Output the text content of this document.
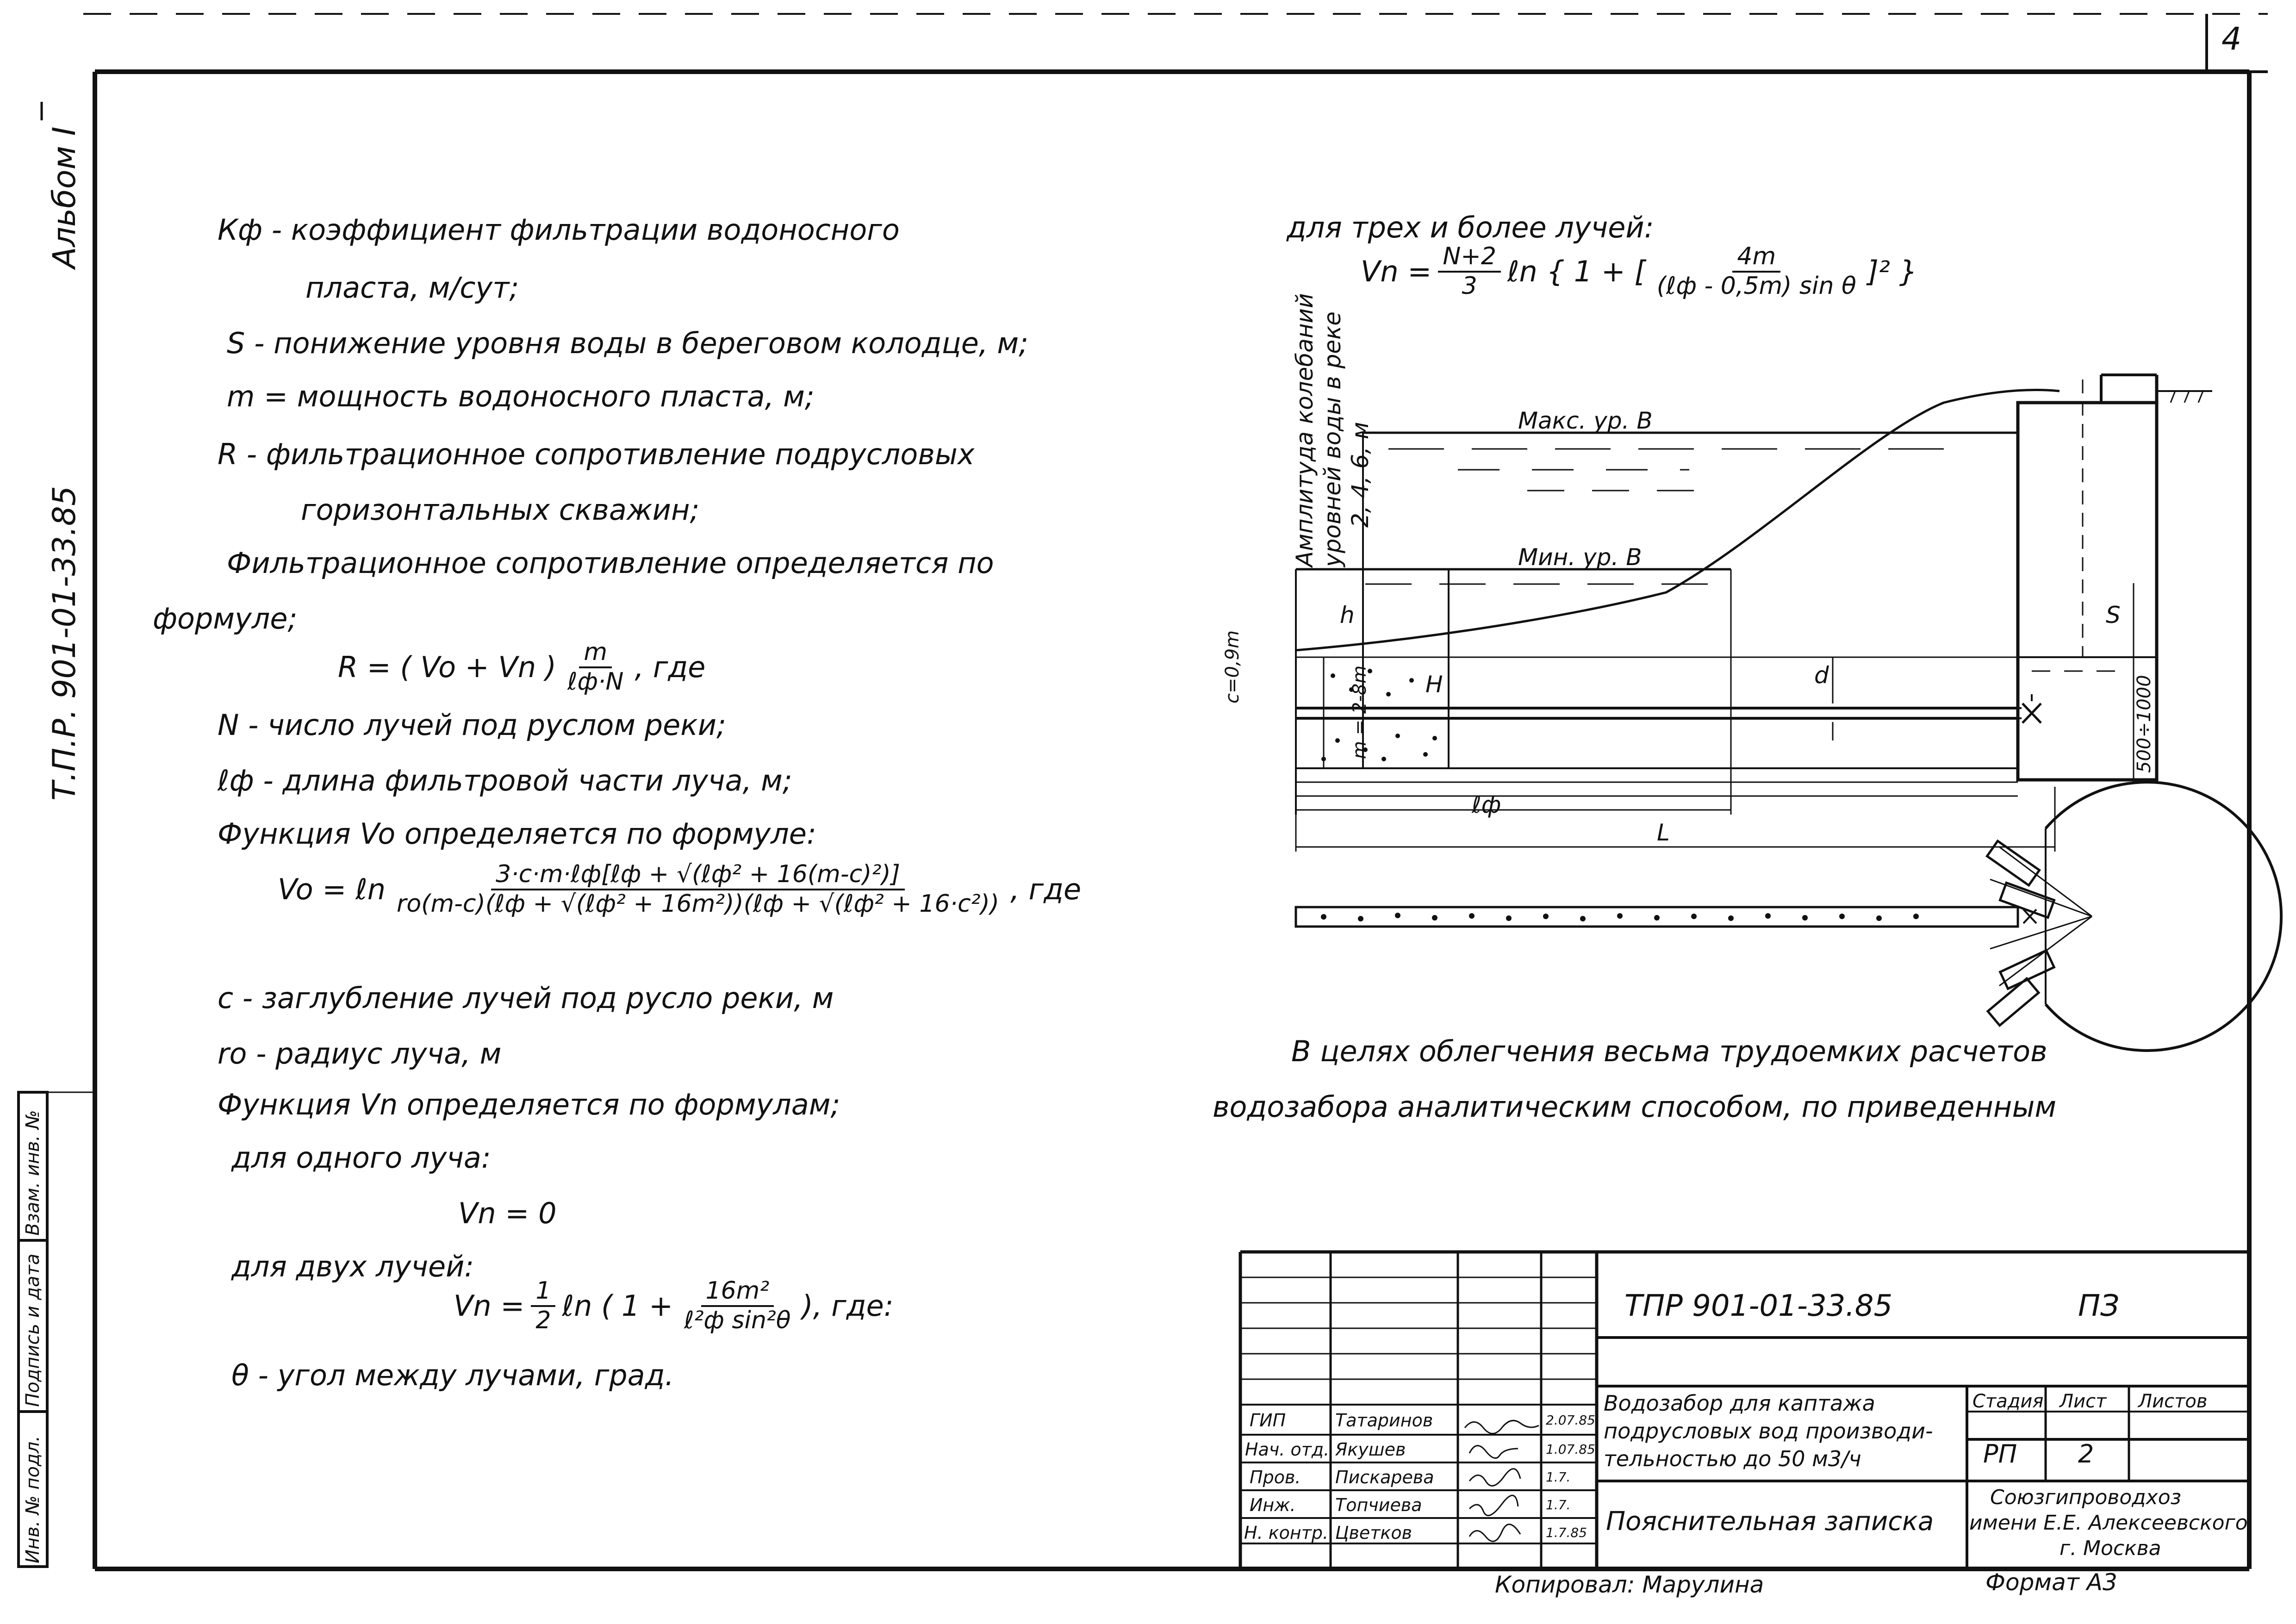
4
Альбом I
Т.П.Р. 901-01-33.85
Инв. № подл.
Подпись и дата
Взам. инв. №
Кф - коэффициент фильтрации водоносного
пласта, м/сут;
S - понижение уровня воды в береговом колодце, м;
m = мощность водоносного пласта, м;
R - фильтрационное сопротивление подрусловых
горизонтальных скважин;
Фильтрационное сопротивление определяется по
формуле;
R = ( Vo + Vn ) $\frac{m}{\text{ℓф·N}}$ , где
N - число лучей под руслом реки;
ℓф - длина фильтровой части луча, м;
Функция Vo определяется по формуле:
Vo = ℓn $\frac{\text{3·c·m·ℓф[ℓф + √(ℓф² + 16(m-c)²)]}}{\text{ro(m-c)(ℓф + √(ℓф² + 16m²))(ℓф + √(ℓф² + 16·c²))}}$ , где
c - заглубление лучей под русло реки, м
ro - радиус луча, м
Функция Vn определяется по формулам;
для одного луча:
Vn = 0
для двух лучей:
$Vn = \frac{1}{2}$ ℓn ( $1 + \frac{\text{16m²}}{\text{ℓ²ф sin²θ}}$ ), где:
θ - угол между лучами, град.
для трех и более лучей:
$Vn = \frac{N+2}{3}$ ℓn { 1 + [ $\frac{4m}{\text{(ℓф - 0,5m) sin θ}} ]^2$ }
Амплитуда колебаний уровней воды в реке 2, 4, 6, м
Макс. ур. В
Мин. ур. В
h
H
c=0,9m	m = 2-8m	d
S
500÷1000
ℓф
L
В целях облегчения весьма трудоемких расчетов
водозабора аналитическим способом, по приведенным
ТПР 901-01-33.85	ПЗ
Водозабор для каптажа
подрусловых вод производи-
тельностью до 50 м3/ч
Пояснительная записка
Стадия Лист Листов
РП 2
Союзгипроводхоз
имени Е.Е. Алексеевского
г. Москва
ГИП	Татаринов	2.07.85
Нач. отд. Якушев	1.07.85
Пров. Пискарева	1.7.
Инж. Топчиева	1.7.
Н. контр. Цветков	1.7.85
Копировал: Марулина	Формат А3
